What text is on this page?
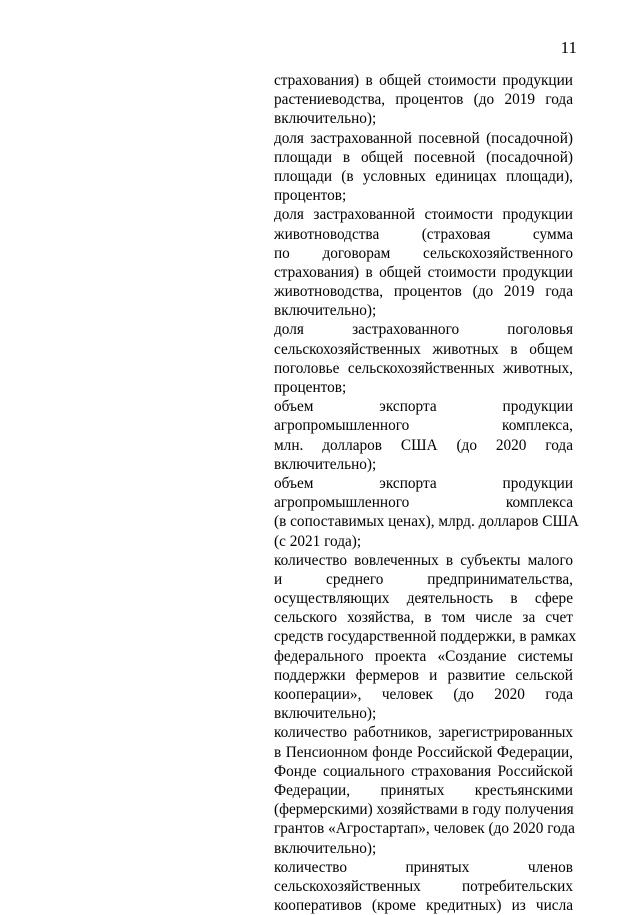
11
страхования) в общей стоимости продукции
растениеводства, процентов (до 2019 года
включительно);
доля застрахованной посевной (посадочной)
площади в общей посевной (посадочной)
площади (в условных единицах площади),
процентов;
доля застрахованной стоимости продукции
животноводства (страховая сумма
по договорам сельскохозяйственного
страхования) в общей стоимости продукции
животноводства, процентов (до 2019 года
включительно);
доля застрахованного поголовья
сельскохозяйственных животных в общем
поголовье сельскохозяйственных животных,
процентов;
объем экспорта продукции
агропромышленного комплекса,
млн. долларов США (до 2020 года
включительно);
объем экспорта продукции
агропромышленного комплекса
(в сопоставимых ценах), млрд. долларов США
(с 2021 года);
количество вовлеченных в субъекты малого
и среднего предпринимательства,
осуществляющих деятельность в сфере
сельского хозяйства, в том числе за счет
средств государственной поддержки, в рамках
федерального проекта «Создание системы
поддержки фермеров и развитие сельской
кооперации», человек (до 2020 года
включительно);
количество работников, зарегистрированных
в Пенсионном фонде Российской Федерации,
Фонде социального страхования Российской
Федерации, принятых крестьянскими
(фермерскими) хозяйствами в году получения
грантов «Агростартап», человек (до 2020 года
включительно);
количество принятых членов
сельскохозяйственных потребительских
кооперативов (кроме кредитных) из числа
